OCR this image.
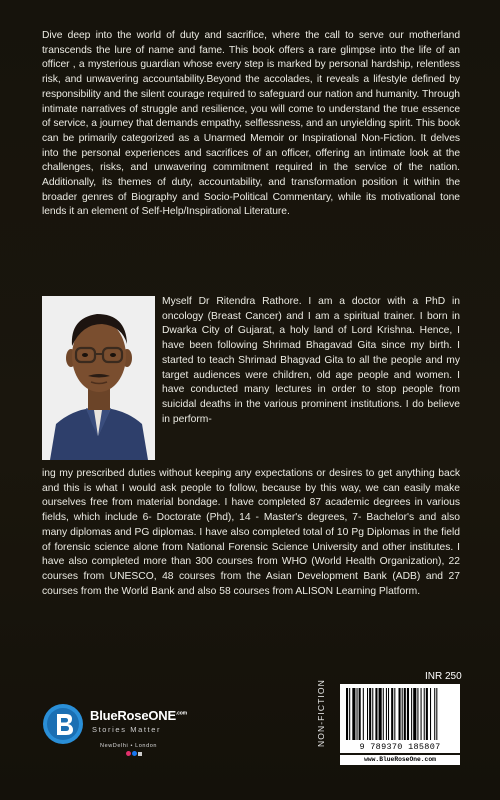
Dive deep into the world of duty and sacrifice, where the call to serve our motherland transcends the lure of name and fame. This book offers a rare glimpse into the life of an officer , a mysterious guardian whose every step is marked by personal hardship, relentless risk, and unwavering accountability.Beyond the accolades, it reveals a lifestyle defined by responsibility and the silent courage required to safeguard our nation and humanity. Through intimate narratives of struggle and resilience, you will come to understand the true essence of service, a journey that demands empathy, selflessness, and an unyielding spirit. This book can be primarily categorized as a Unarmed Memoir or Inspirational Non-Fiction. It delves into the personal experiences and sacrifices of an officer, offering an intimate look at the challenges, risks, and unwavering commitment required in the service of the nation. Additionally, its themes of duty, accountability, and transformation position it within the broader genres of Biography and Socio-Political Commentary, while its motivational tone lends it an element of Self-Help/Inspirational Literature.

Myself Dr Ritendra Rathore. I am a doctor with a PhD in oncology (Breast Cancer) and I am a spiritual trainer. I born in Dwarka City of Gujarat, a holy land of Lord Krishna. Hence, I have been following Shrimad Bhagavad Gita since my birth. I started to teach Shrimad Bhagvad Gita to all the people and my target audiences were children, old age people and women. I have conducted many lectures in order to stop people from suicidal deaths in the various prominent institutions. I do believe in perform-

ing my prescribed duties without keeping any expectations or desires to get anything back and this is what I would ask people to follow, because by this way, we can easily make ourselves free from material bondage. I have completed 87 academic degrees in various fields, which include 6- Doctorate (Phd), 14 - Master's degrees, 7- Bachelor's and also many diplomas and PG diplomas. I have also completed total of 10 Pg Diplomas in the field of forensic science alone from National Forensic Science University and other institutes. I have also completed more than 300 courses from WHO (World Health Organization), 22 courses from UNESCO, 48 courses from the Asian Development Bank (ADB) and 27 courses from the World Bank and also 58 courses from ALISON Learning Platform.

BlueRoseONE$^{.com}$
Stories Matter
NewDelhi • London
INR 250
NON-FICTION	9 789370 185807
www.BlueRoseOne.com
